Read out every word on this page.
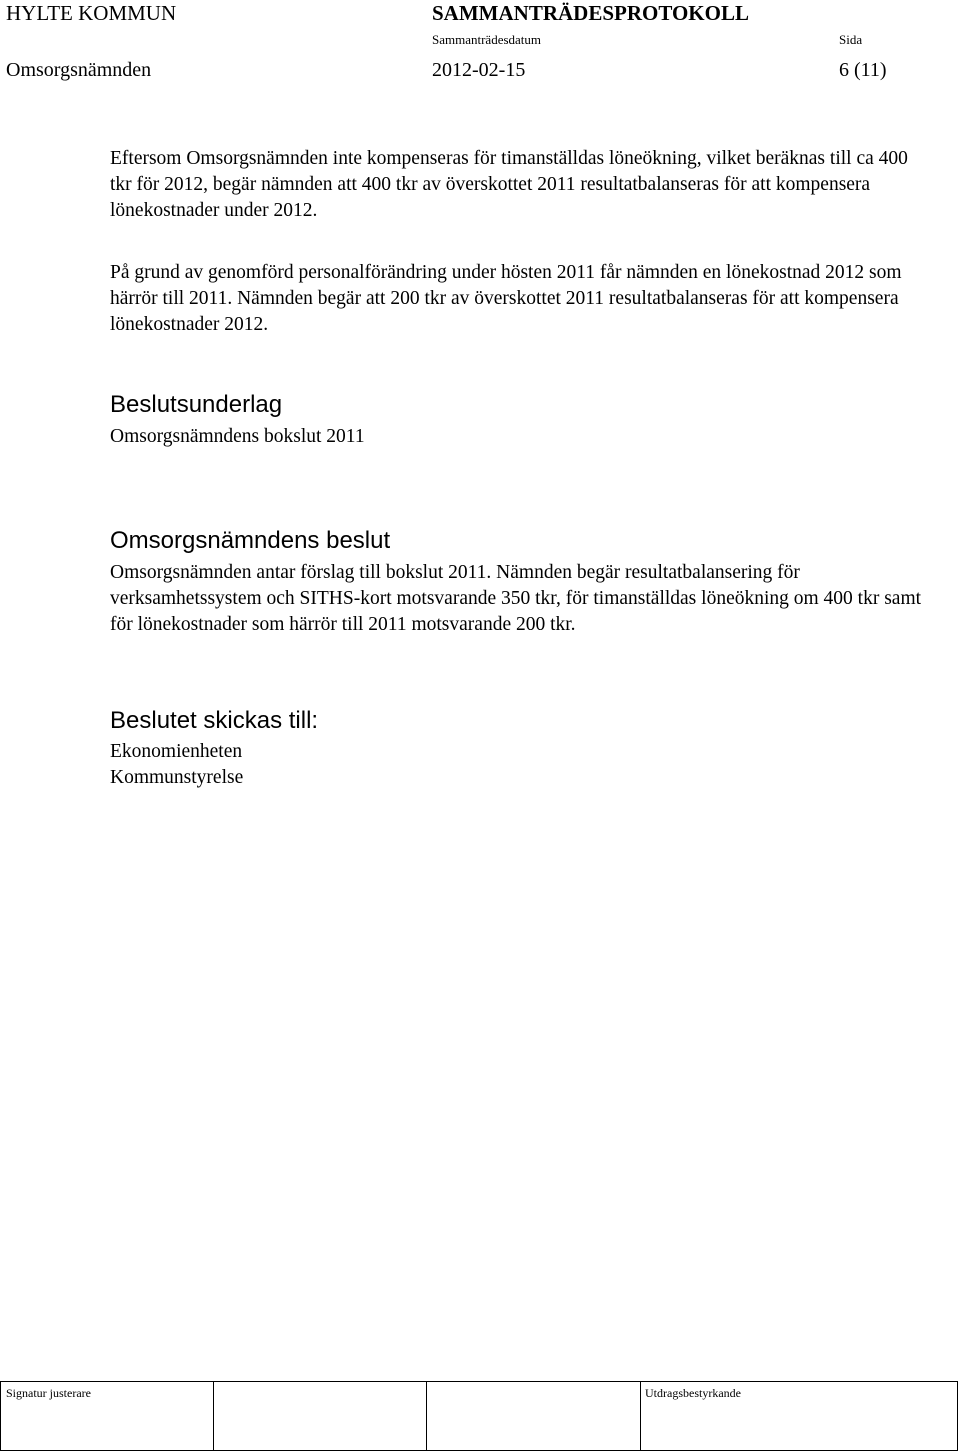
HYLTE KOMMUN	SAMMANTRÄDESPROTOKOLL
Sammanträdesdatum	Sida
Omsorgsnämnden	2012-02-15	6 (11)

Eftersom Omsorgsnämnden inte kompenseras för timanställdas löneökning, vilket beräknas till ca 400 tkr för 2012, begär nämnden att 400 tkr av överskottet 2011 resultatbalanseras för att kompensera lönekostnader under 2012.

På grund av genomförd personalförändring under hösten 2011 får nämnden en lönekostnad 2012 som härrör till 2011. Nämnden begär att 200 tkr av överskottet 2011 resultatbalanseras för att kompensera lönekostnader 2012.

Beslutsunderlag
Omsorgsnämndens bokslut 2011
Omsorgsnämndens beslut

Omsorgsnämnden antar förslag till bokslut 2011. Nämnden begär resultatbalansering för verksamhetssystem och SITHS-kort motsvarande 350 tkr, för timanställdas löneökning om 400 tkr samt för lönekostnader som härrör till 2011 motsvarande 200 tkr.

Beslutet skickas till:
Ekonomienheten
Kommunstyrelse
Signatur justerare	Utdragsbestyrkande
